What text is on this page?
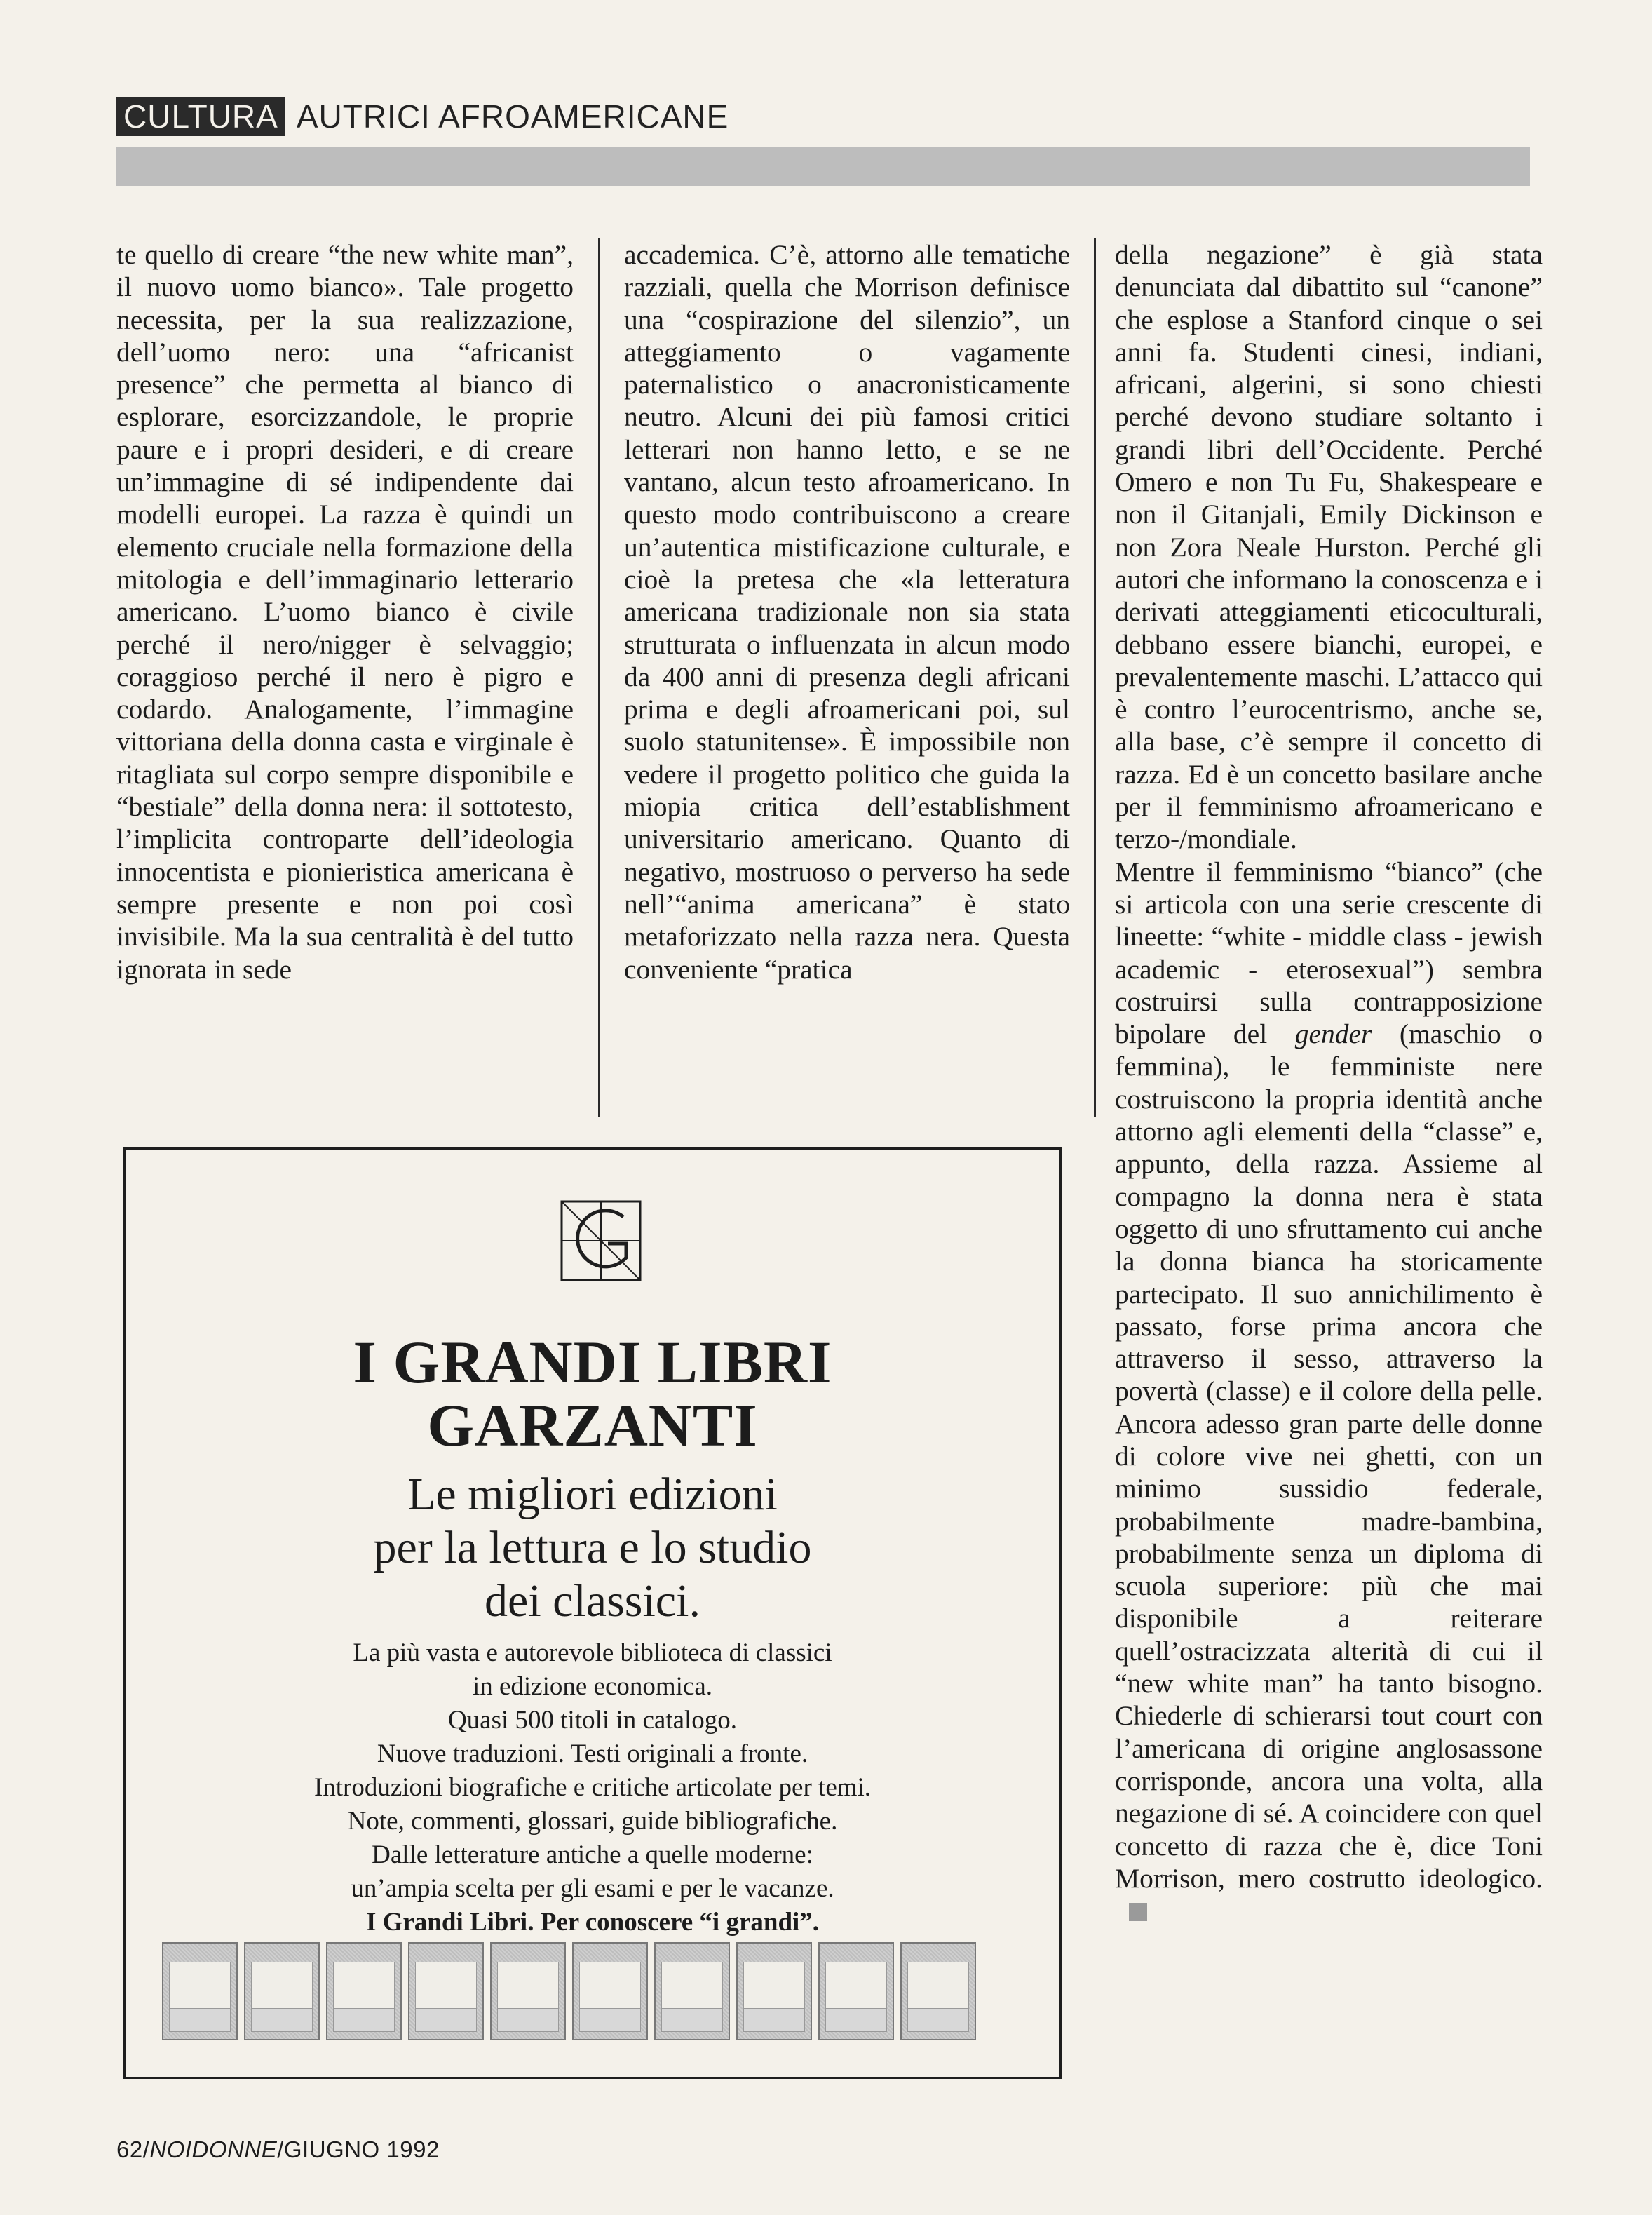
CULTURA AUTRICI AFROAMERICANE

te quello di creare “the new white man”, il nuovo uomo bianco». Tale progetto necessita, per la sua realizzazione, dell’uomo nero: una “africanist presence” che permetta al bianco di esplorare, esorcizzandole, le proprie paure e i propri desideri, e di creare un’immagine di sé indipendente dai modelli europei. La razza è quindi un elemento cruciale nella formazione della mitologia e dell’immaginario letterario americano. L’uomo bianco è civile perché il nero/nigger è selvaggio; coraggioso perché il nero è pigro e codardo. Analogamente, l’immagine vittoriana della donna casta e virginale è ritagliata sul corpo sempre disponibile e “bestiale” della donna nera: il sottotesto, l’implicita controparte dell’ideologia innocentista e pionieristica americana è sempre presente e non poi così invisibile. Ma la sua centralità è del tutto ignorata in sede

accademica. C’è, attorno alle tematiche razziali, quella che Morrison definisce una “cospirazione del silenzio”, un atteggiamento o vagamente paternalistico o anacronisticamente neutro. Alcuni dei più famosi critici letterari non hanno letto, e se ne vantano, alcun testo afroamericano. In questo modo contribuiscono a creare un’autentica mistificazione culturale, e cioè la pretesa che «la letteratura americana tradizionale non sia stata strutturata o influenzata in alcun modo da 400 anni di presenza degli africani prima e degli afroamericani poi, sul suolo statunitense». È impossibile non vedere il progetto politico che guida la miopia critica dell’establishment universitario americano. Quanto di negativo, mostruoso o perverso ha sede nell’“anima americana” è stato metaforizzato nella razza nera. Questa conveniente “pratica

della negazione” è già stata denunciata dal dibattito sul “canone” che esplose a Stanford cinque o sei anni fa. Studenti cinesi, indiani, africani, algerini, si sono chiesti perché devono studiare soltanto i grandi libri dell’Occidente. Perché Omero e non Tu Fu, Shakespeare e non il Gitanjali, Emily Dickinson e non Zora Neale Hurston. Perché gli autori che informano la conoscenza e i derivati atteggiamenti eticoculturali, debbano essere bianchi, europei, e prevalentemente maschi. L’attacco qui è contro l’eurocentrismo, anche se, alla base, c’è sempre il concetto di razza. Ed è un concetto basilare anche per il femminismo afroamericano e terzo-/mondiale.

Mentre il femminismo “bianco” (che si articola con una serie crescente di lineette: “white - middle class - jewish academic - eterosexual”) sembra costruirsi sulla contrapposizione bipolare del gender (maschio o femmina), le femministe nere costruiscono la propria identità anche attorno agli elementi della “classe” e, appunto, della razza. Assieme al compagno la donna nera è stata oggetto di uno sfruttamento cui anche la donna bianca ha storicamente partecipato. Il suo annichilimento è passato, forse prima ancora che attraverso il sesso, attraverso la povertà (classe) e il colore della pelle. Ancora adesso gran parte delle donne di colore vive nei ghetti, con un minimo sussidio federale, probabilmente madre-bambina, probabilmente senza un diploma di scuola superiore: più che mai disponibile a reiterare quell’ostracizzata alterità di cui il “new white man” ha tanto bisogno. Chiederle di schierarsi tout court con l’americana di origine anglosassone corrisponde, ancora una volta, alla negazione di sé. A coincidere con quel concetto di razza che è, dice Toni Morrison, mero costrutto ideologico.

I GRANDI LIBRI
GARZANTI
Le migliori edizioni
per la lettura e lo studio
dei classici.
La più vasta e autorevole biblioteca di classici
in edizione economica.
Quasi 500 titoli in catalogo.
Nuove traduzioni. Testi originali a fronte.
Introduzioni biografiche e critiche articolate per temi.
Note, commenti, glossari, guide bibliografiche.
Dalle letterature antiche a quelle moderne:
un’ampia scelta per gli esami e per le vacanze.
I Grandi Libri. Per conoscere “i grandi”.
62/NOIDONNE/GIUGNO 1992
